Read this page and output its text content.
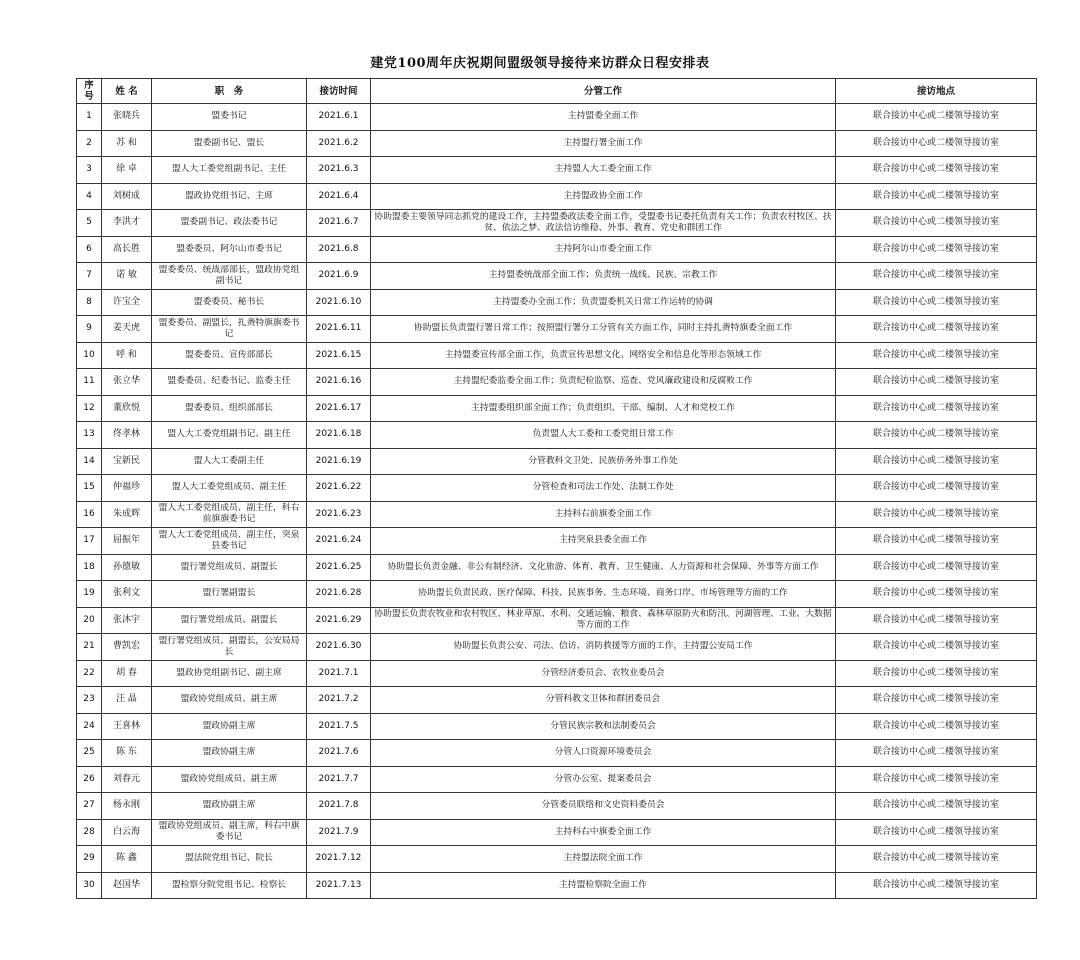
建党100周年庆祝期间盟级领导接待来访群众日程安排表
序号	姓 名	职　务	接访时间	分管工作	接访地点
1	张晓兵	盟委书记	2021.6.1	主持盟委全面工作	联合接访中心或二楼领导接访室
2	苏 和	盟委副书记、盟长	2021.6.2	主持盟行署全面工作	联合接访中心或二楼领导接访室
3	徐 卓	盟人大工委党组副书记、主任	2021.6.3	主持盟人大工委全面工作	联合接访中心或二楼领导接访室
4	刘树成	盟政协党组书记、主席	2021.6.4	主持盟政协全面工作	联合接访中心或二楼领导接访室
5	李洪才	盟委副书记、政法委书记	2021.6.7	协助盟委主要领导同志抓党的建设工作，主持盟委政法委全面工作，受盟委书记委托负责有关工作；负责农村牧区、扶贫、依法之梦、政法信访维稳、外事、教育、党史和群团工作	联合接访中心或二楼领导接访室
6	高长胜	盟委委员、阿尔山市委书记	2021.6.8	主持阿尔山市委全面工作	联合接访中心或二楼领导接访室
7	诺 敏	盟委委员、统战部部长，盟政协党组副书记	2021.6.9	主持盟委统战部全面工作；负责统一战线、民族、宗教工作	联合接访中心或二楼领导接访室
8	许宝全	盟委委员、秘书长	2021.6.10	主持盟委办全面工作；负责盟委机关日常工作运转的协调	联合接访中心或二楼领导接访室
9	姜天虎	盟委委员、副盟长，扎赉特旗旗委书记	2021.6.11	协助盟长负责盟行署日常工作；按照盟行署分工分管有关方面工作，同时主持扎赉特旗委全面工作	联合接访中心或二楼领导接访室
10	呼 和	盟委委员、宣传部部长	2021.6.15	主持盟委宣传部全面工作，负责宣传思想文化、网络安全和信息化等形态领域工作	联合接访中心或二楼领导接访室
11	张立华	盟委委员、纪委书记、监委主任	2021.6.16	主持盟纪委监委全面工作；负责纪检监察、巡查、党风廉政建设和反腐败工作	联合接访中心或二楼领导接访室
12	董欣悦	盟委委员、组织部部长	2021.6.17	主持盟委组织部全面工作；负责组织、干部、编制、人才和党校工作	联合接访中心或二楼领导接访室
13	佟孝林	盟人大工委党组副书记、副主任	2021.6.18	负责盟人大工委和工委党组日常工作	联合接访中心或二楼领导接访室
14	宝新民	盟人大工委副主任	2021.6.19	分管教科文卫处、民族侨务外事工作处	联合接访中心或二楼领导接访室
15	仲福珍	盟人大工委党组成员、副主任	2021.6.22	分管检查和司法工作处、法制工作处	联合接访中心或二楼领导接访室
16	朱成辉	盟人大工委党组成员、副主任，科右前旗旗委书记	2021.6.23	主持科右前旗委全面工作	联合接访中心或二楼领导接访室
17	屈振年	盟人大工委党组成员、副主任，突泉县委书记	2021.6.24	主持突泉县委全面工作	联合接访中心或二楼领导接访室
18	孙德敏	盟行署党组成员、副盟长	2021.6.25	协助盟长负责金融、非公有制经济、文化旅游、体育、教育、卫生健康、人力资源和社会保障、外事等方面工作	联合接访中心或二楼领导接访室
19	张利文	盟行署副盟长	2021.6.28	协助盟长负责民政、医疗保障、科技、民族事务、生态环境、商务口岸、市场管理等方面的工作	联合接访中心或二楼领导接访室
20	张沐宇	盟行署党组成员、副盟长	2021.6.29	协助盟长负责农牧业和农村牧区、林业草原、水利、交通运输、粮食、森林草原防火和防汛、河湖管理、工业、大数据等方面的工作	联合接访中心或二楼领导接访室
21	曹凯宏	盟行署党组成员、副盟长，公安局局长	2021.6.30	协助盟长负责公安、司法、信访、消防救援等方面的工作，主持盟公安局工作	联合接访中心或二楼领导接访室
22	胡 春	盟政协党组副书记、副主席	2021.7.1	分管经济委员会、农牧业委员会	联合接访中心或二楼领导接访室
23	汪 晶	盟政协党组成员、副主席	2021.7.2	分管科教文卫体和群团委员会	联合接访中心或二楼领导接访室
24	王喜林	盟政协副主席	2021.7.5	分管民族宗教和法制委员会	联合接访中心或二楼领导接访室
25	陈 东	盟政协副主席	2021.7.6	分管人口资源环境委员会	联合接访中心或二楼领导接访室
26	刘春元	盟政协党组成员、副主席	2021.7.7	分管办公室、提案委员会	联合接访中心或二楼领导接访室
27	杨永刚	盟政协副主席	2021.7.8	分管委员联络和文史资料委员会	联合接访中心或二楼领导接访室
28	白云海	盟政协党组成员、副主席，科右中旗委书记	2021.7.9	主持科右中旗委全面工作	联合接访中心或二楼领导接访室
29	陈 鑫	盟法院党组书记、院长	2021.7.12	主持盟法院全面工作	联合接访中心或二楼领导接访室
30	赵国华	盟检察分院党组书记、检察长	2021.7.13	主持盟检察院全面工作	联合接访中心或二楼领导接访室
